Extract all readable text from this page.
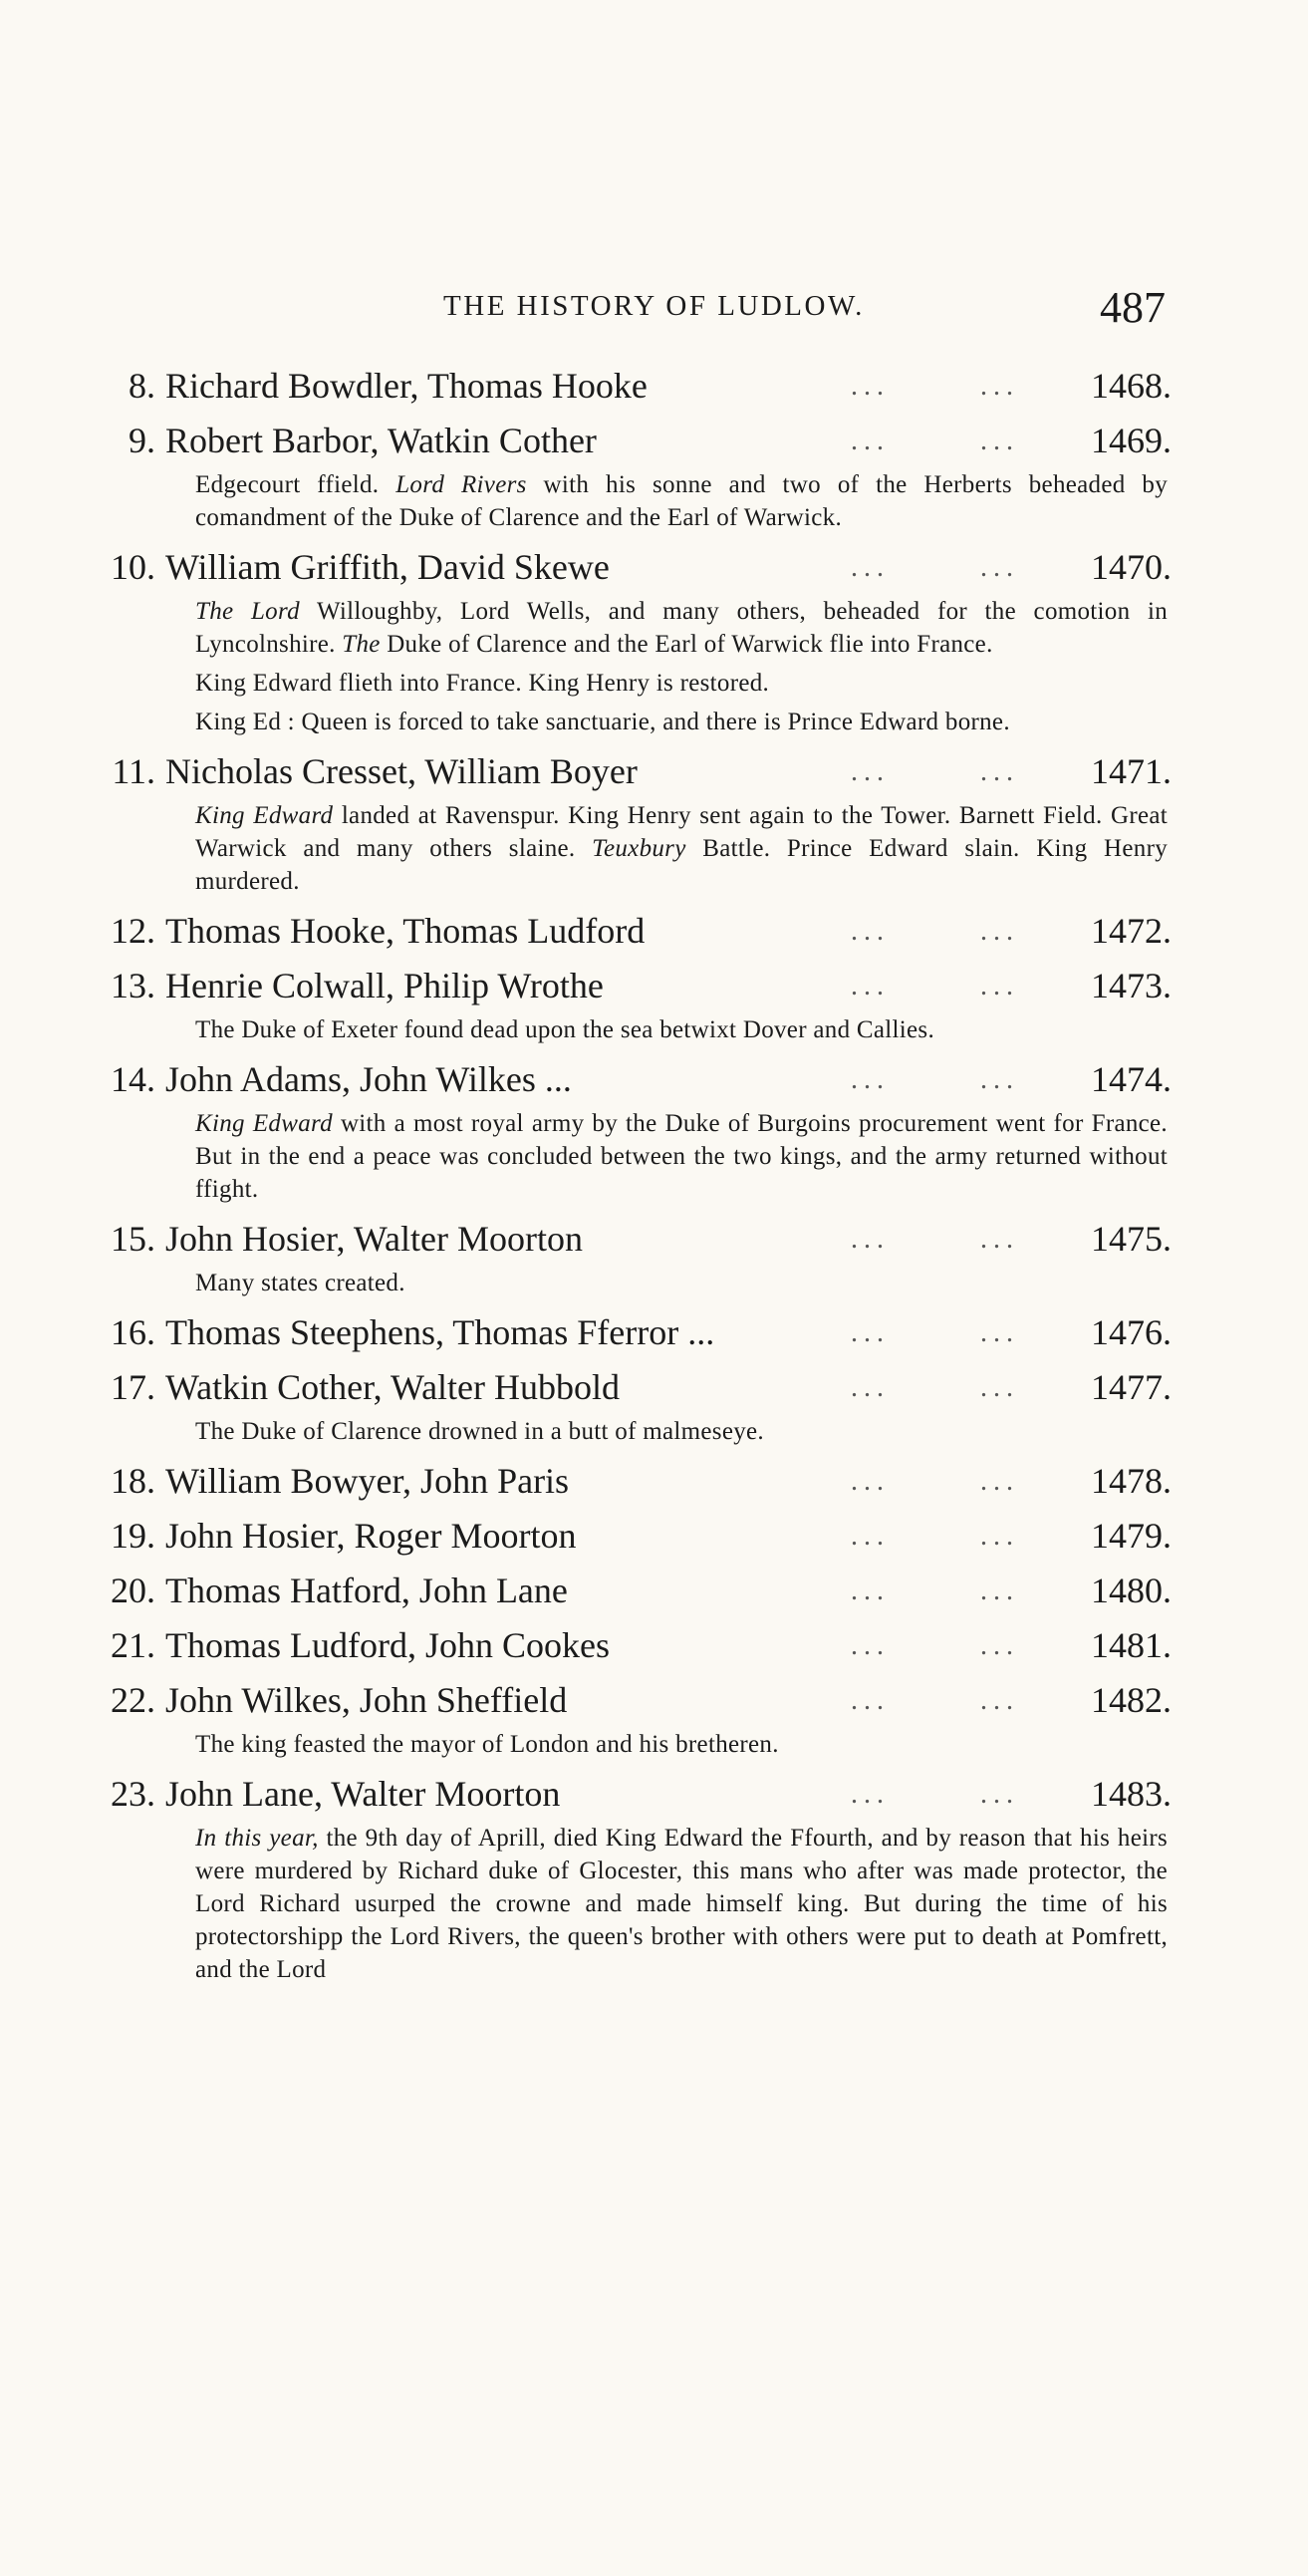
THE HISTORY OF LUDLOW.	487
8. Richard Bowdler, Thomas Hooke	...	... 1468.
9. Robert Barbor, Watkin Cother	...	... 1469.
Edgecourt ffield. Lord Rivers with his sonne and two of the Herberts beheaded by comandment of the Duke of Clarence and the Earl of Warwick.
10. William Griffith, David Skewe	...	... 1470.
The Lord Willoughby, Lord Wells, and many others, beheaded for the comotion in Lyncolnshire. The Duke of Clarence and the Earl of Warwick flie into France.
King Edward flieth into France. King Henry is restored.
King Ed : Queen is forced to take sanctuarie, and there is Prince Edward borne.
11. Nicholas Cresset, William Boyer	...	... 1471.
King Edward landed at Ravenspur. King Henry sent again to the Tower. Barnett Field. Great Warwick and many others slaine. Teuxbury Battle. Prince Edward slain. King Henry murdered.
12. Thomas Hooke, Thomas Ludford	...	... 1472.
13. Henrie Colwall, Philip Wrothe	...	... 1473.
The Duke of Exeter found dead upon the sea betwixt Dover and Callies.
14. John Adams, John Wilkes ...	...	... 1474.
King Edward with a most royal army by the Duke of Burgoins procurement went for France. But in the end a peace was concluded between the two kings, and the army returned without ffight.
15. John Hosier, Walter Moorton	...	... 1475.
Many states created.
16. Thomas Steephens, Thomas Fferror ...	...	... 1476.
17. Watkin Cother, Walter Hubbold	...	... 1477.
The Duke of Clarence drowned in a butt of malmeseye.
18. William Bowyer, John Paris	...	... 1478.
19. John Hosier, Roger Moorton	...	... 1479.
20. Thomas Hatford, John Lane	...	... 1480.
21. Thomas Ludford, John Cookes	...	... 1481.
22. John Wilkes, John Sheffield	...	... 1482.
The king feasted the mayor of London and his bretheren.
23. John Lane, Walter Moorton	...	... 1483.
In this year, the 9th day of Aprill, died King Edward the Ffourth, and by reason that his heirs were murdered by Richard duke of Glocester, this mans who after was made protector, the Lord Richard usurped the crowne and made himself king. But during the time of his protectorshipp the Lord Rivers, the queen's brother with others were put to death at Pomfrett, and the Lord
